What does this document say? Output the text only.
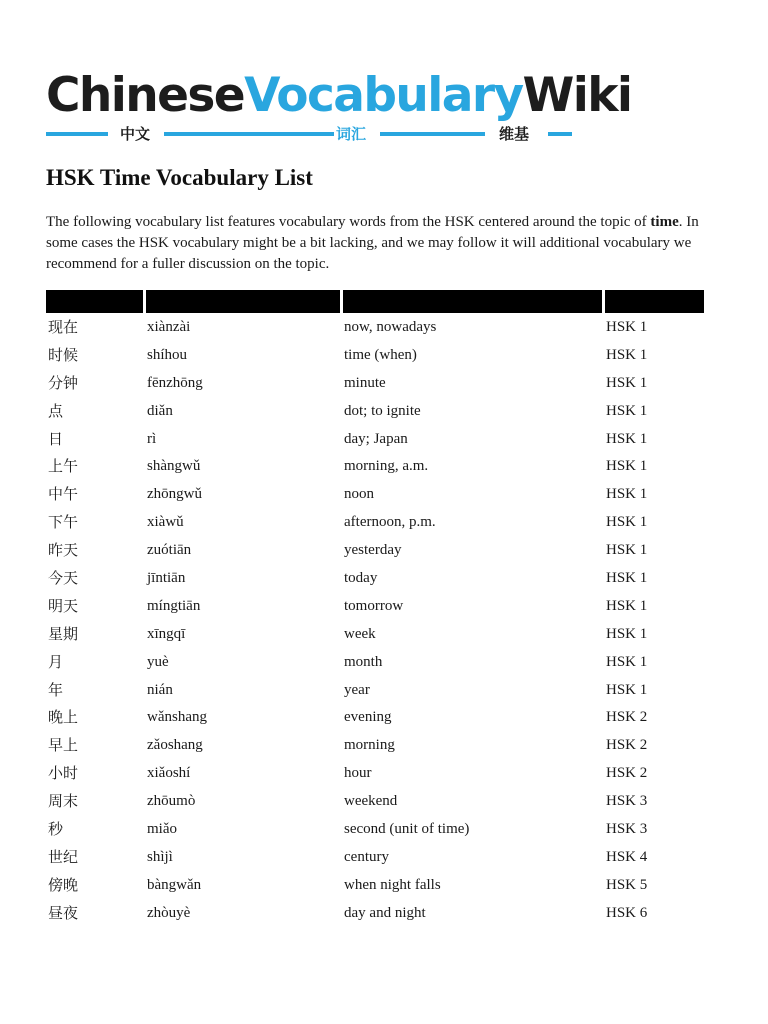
ChineseVocabularyWiki
中文	词汇	维基
HSK Time Vocabulary List

The following vocabulary list features vocabulary words from the HSK centered around the topic of time. In some cases the HSK vocabulary might be a bit lacking, and we may follow it will additional vocabulary we recommend for a fuller discussion on the topic.

现在	xiànzài	now, nowadays	HSK 1
时候	shíhou	time (when)	HSK 1
分钟	fēnzhōng	minute	HSK 1
点	diǎn	dot; to ignite	HSK 1
日	rì	day; Japan	HSK 1
上午	shàngwǔ	morning, a.m.	HSK 1
中午	zhōngwǔ	noon	HSK 1
下午	xiàwǔ	afternoon, p.m.	HSK 1
昨天	zuótiān	yesterday	HSK 1
今天	jīntiān	today	HSK 1
明天	míngtiān	tomorrow	HSK 1
星期	xīngqī	week	HSK 1
月	yuè	month	HSK 1
年	nián	year	HSK 1
晚上	wǎnshang	evening	HSK 2
早上	zǎoshang	morning	HSK 2
小时	xiǎoshí	hour	HSK 2
周末	zhōumò	weekend	HSK 3
秒	miǎo	second (unit of time)	HSK 3
世纪	shìjì	century	HSK 4
傍晚	bàngwǎn	when night falls	HSK 5
昼夜	zhòuyè	day and night	HSK 6
